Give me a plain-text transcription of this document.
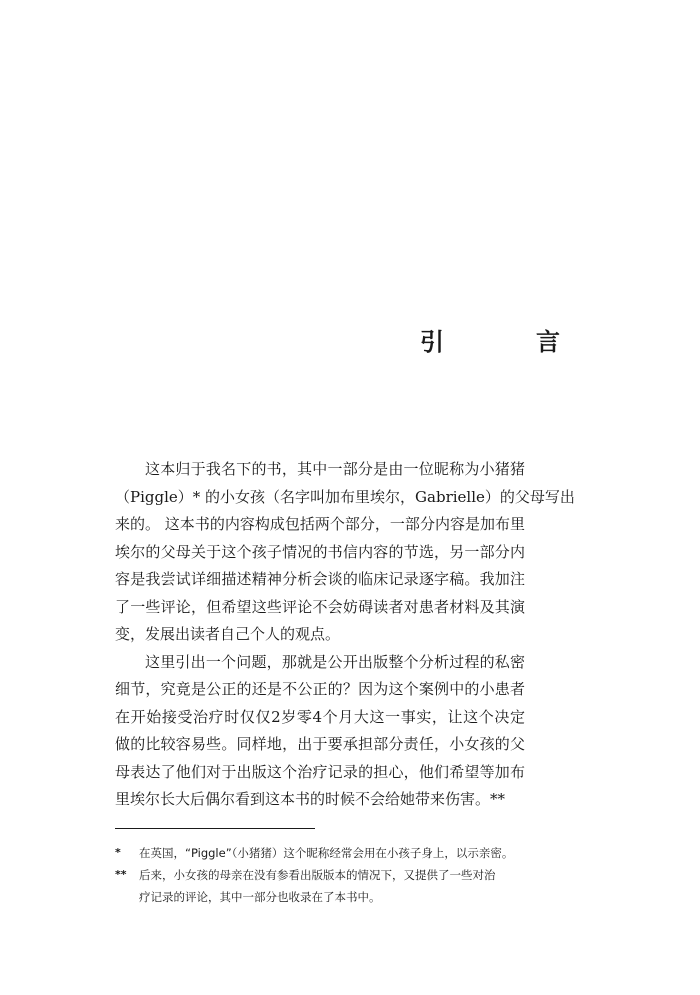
引　言

这本归于我名下的书，其中一部分是由一位昵称为小猪猪
（Piggle）* 的小女孩（名字叫加布里埃尔，Gabrielle）的父母写出
来的。 这本书的内容构成包括两个部分，一部分内容是加布里
埃尔的父母关于这个孩子情况的书信内容的节选，另一部分内
容是我尝试详细描述精神分析会谈的临床记录逐字稿。我加注
了一些评论，但希望这些评论不会妨碍读者对患者材料及其演
变，发展出读者自己个人的观点。

这里引出一个问题，那就是公开出版整个分析过程的私密
细节，究竟是公正的还是不公正的？因为这个案例中的小患者
在开始接受治疗时仅仅2岁零4个月大这一事实，让这个决定
做的比较容易些。同样地，出于要承担部分责任，小女孩的父
母表达了他们对于出版这个治疗记录的担心，他们希望等加布
里埃尔长大后偶尔看到这本书的时候不会给她带来伤害。**

* 在英国，“Piggle”（小猪猪）这个昵称经常会用在小孩子身上，以示亲密。
** 后来，小女孩的母亲在没有参看出版版本的情况下，又提供了一些对治
疗记录的评论，其中一部分也收录在了本书中。
